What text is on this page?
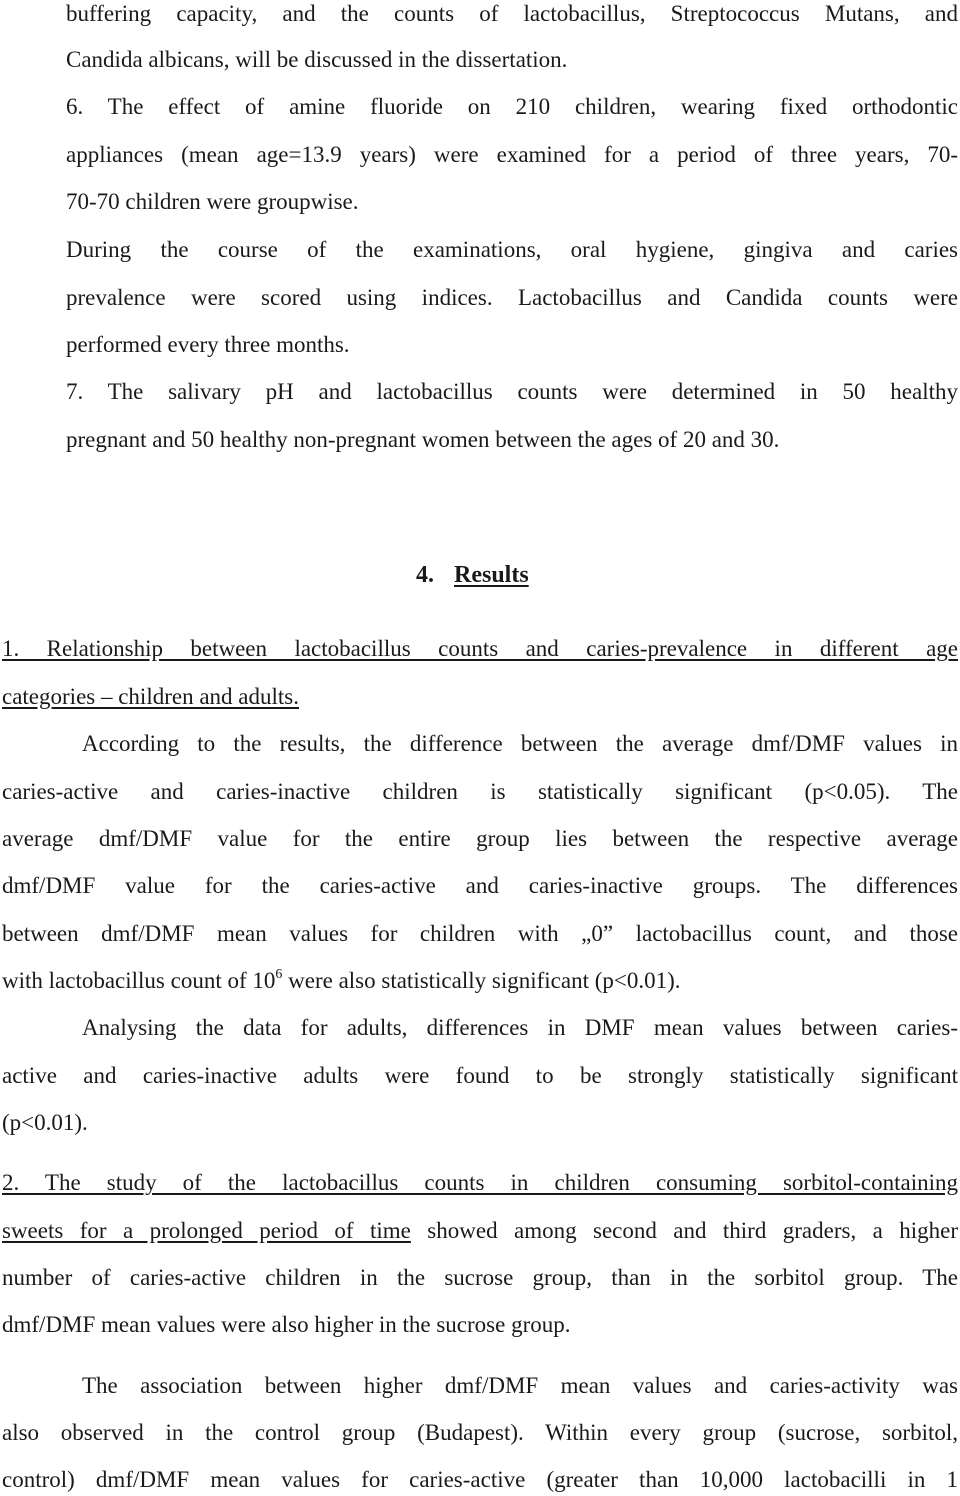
buffering capacity, and the counts of lactobacillus, Streptococcus Mutans, and
Candida albicans, will be discussed in the dissertation.
6. The effect of amine fluoride on 210 children, wearing fixed orthodontic
appliances (mean age=13.9 years) were examined for a period of three years, 70-
70-70 children were groupwise.
During the course of the examinations, oral hygiene, gingiva and caries
prevalence were scored using indices. Lactobacillus and Candida counts were
performed every three months.
7. The salivary pH and lactobacillus counts were determined in 50 healthy
pregnant and 50 healthy non-pregnant women between the ages of 20 and 30.
4. Results
1. Relationship between lactobacillus counts and caries-prevalence in different age
categories – children and adults.
According to the results, the difference between the average dmf/DMF values in
caries-active and caries-inactive children is statistically significant (p<0.05). The
average dmf/DMF value for the entire group lies between the respective average
dmf/DMF value for the caries-active and caries-inactive groups. The differences
between dmf/DMF mean values for children with „0” lactobacillus count, and those
with lactobacillus count of $10^6$ were also statistically significant (p<0.01).
Analysing the data for adults, differences in DMF mean values between caries-
active and caries-inactive adults were found to be strongly statistically significant
(p<0.01).
2. The study of the lactobacillus counts in children consuming sorbitol-containing
sweets for a prolonged period of time showed among second and third graders, a higher
number of caries-active children in the sucrose group, than in the sorbitol group. The
dmf/DMF mean values were also higher in the sucrose group.
The association between higher dmf/DMF mean values and caries-activity was
also observed in the control group (Budapest). Within every group (sucrose, sorbitol,
control) dmf/DMF mean values for caries-active (greater than 10,000 lactobacilli in 1
